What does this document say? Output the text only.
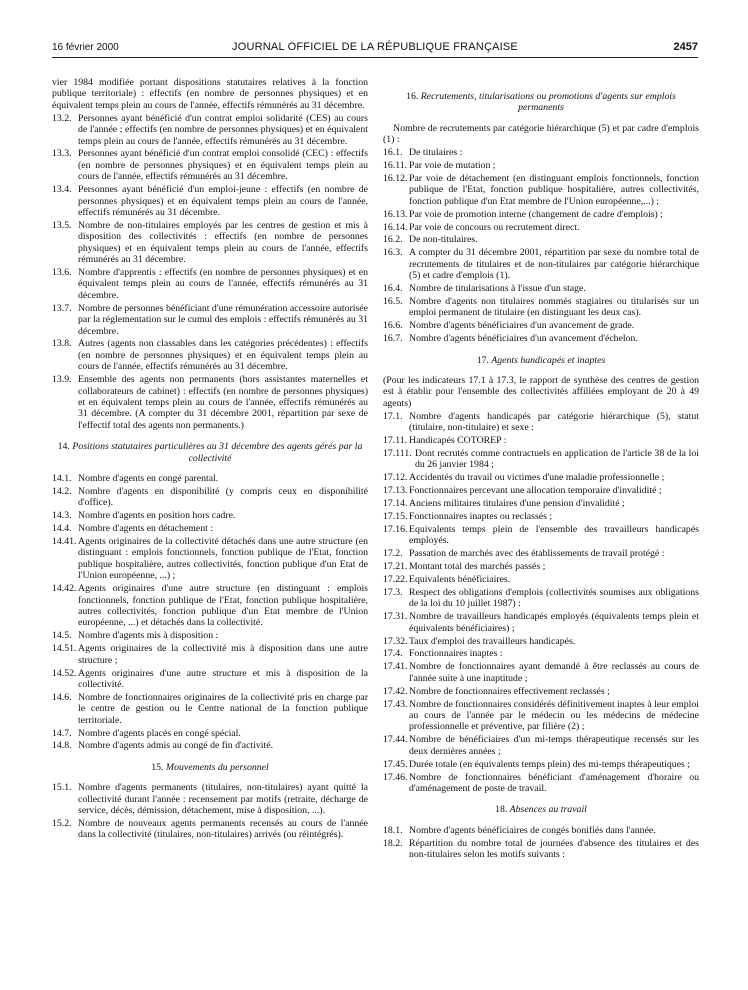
16 février 2000	JOURNAL OFFICIEL DE LA RÉPUBLIQUE FRANÇAISE	2457

vier 1984 modifiée portant dispositions statutaires relatives à la fonction publique territoriale) : effectifs (en nombre de personnes physiques) et en équivalent temps plein au cours de l'année, effectifs rémunérés au 31 décembre.

13.2. Personnes ayant bénéficié d'un contrat emploi solidarité (CES) au cours de l'année ; effectifs (en nombre de personnes physiques) et en équivalent temps plein au cours de l'année, effectifs rémunérés au 31 décembre.
13.3. Personnes ayant bénéficié d'un contrat emploi consolidé (CEC) : effectifs (en nombre de personnes physiques) et en équivalent temps plein au cours de l'année, effectifs rémunérés au 31 décembre.
13.4. Personnes ayant bénéficié d'un emploi-jeune : effectifs (en nombre de personnes physiques) et en équivalent temps plein au cours de l'année, effectifs rémunérés au 31 décembre.
13.5. Nombre de non-titulaires employés par les centres de gestion et mis à disposition des collectivités : effectifs (en nombre de personnes physiques) et en équivalent temps plein au cours de l'année, effectifs rémunérés au 31 décembre.
13.6. Nombre d'apprentis : effectifs (en nombre de personnes physiques) et en équivalent temps plein au cours de l'année, effectifs rémunérés au 31 décembre.
13.7. Nombre de personnes bénéficiant d'une rémunération accessoire autorisée par la réglementation sur le cumul des emplois : effectifs rémunérés au 31 décembre.
13.8. Autres (agents non classables dans les catégories précédentes) : effectifs (en nombre de personnes physiques) et en équivalent temps plein au cours de l'année, effectifs rémunérés au 31 décembre.
13.9. Ensemble des agents non permanents (hors assistantes maternelles et collaborateurs de cabinet) : effectifs (en nombre de personnes physiques) et en équivalent temps plein au cours de l'année, effectifs rémunérés au 31 décembre. (A compter du 31 décembre 2001, répartition par sexe de l'effectif total des agents non permanents.)
14. Positions statutaires particulières au 31 décembre des agents gérés par la collectivité
14.1. Nombre d'agents en congé parental.
14.2. Nombre d'agents en disponibilité (y compris ceux en disponibilité d'office).
14.3. Nombre d'agents en position hors cadre.
14.4. Nombre d'agents en détachement :
14.41. Agents originaires de la collectivité détachés dans une autre structure (en distinguant : emplois fonctionnels, fonction publique de l'Etat, fonction publique hospitalière, autres collectivités, fonction publique d'un Etat de l'Union européenne, ...) ;
14.42. Agents originaires d'une autre structure (en distinguant : emplois fonctionnels, fonction publique de l'Etat, fonction publique hospitalière, autres collectivités, fonction publique d'un Etat membre de l'Union européenne, ...) et détachés dans la collectivité.
14.5. Nombre d'agents mis à disposition :
14.51. Agents originaires de la collectivité mis à disposition dans une autre structure ;
14.52. Agents originaires d'une autre structure et mis à disposition de la collectivité.
14.6. Nombre de fonctionnaires originaires de la collectivité pris en charge par le centre de gestion ou le Centre national de la fonction publique territoriale.
14.7. Nombre d'agents placés en congé spécial.
14.8. Nombre d'agents admis au congé de fin d'activité.
15. Mouvements du personnel
15.1. Nombre d'agents permanents (titulaires, non-titulaires) ayant quitté la collectivité durant l'année : recensement par motifs (retraite, décharge de service, décès, démission, détachement, mise à disposition, ...).
15.2. Nombre de nouveaux agents permanents recensés au cours de l'année dans la collectivité (titulaires, non-titulaires) arrivés (ou réintégrés).
16. Recrutements, titularisations ou promotions d'agents sur emplois permanents

Nombre de recrutements par catégorie hiérarchique (5) et par cadre d'emplois (1) :

16.1. De titulaires :
16.11. Par voie de mutation ;
16.12. Par voie de détachement (en distinguant emplois fonctionnels, fonction publique de l'Etat, fonction publique hospitalière, autres collectivités, fonction publique d'un Etat membre de l'Union européenne,...) ;
16.13. Par voie de promotion interne (changement de cadre d'emplois) ;
16.14. Par voie de concours ou recrutement direct.
16.2. De non-titulaires.
16.3. A compter du 31 décembre 2001, répartition par sexe du nombre total de recrutements de titulaires et de non-titulaires par catégorie hiérarchique (5) et cadre d'emplois (1).
16.4. Nombre de titularisations à l'issue d'un stage.
16.5. Nombre d'agents non titulaires nommés stagiaires ou titularisés sur un emploi permanent de titulaire (en distinguant les deux cas).
16.6. Nombre d'agents bénéficiaires d'un avancement de grade.
16.7. Nombre d'agents bénéficiaires d'un avancement d'échelon.
17. Agents handicapés et inaptes

(Pour les indicateurs 17.1 à 17.3, le rapport de synthèse des centres de gestion est à établir pour l'ensemble des collectivités affiliées employant de 20 à 49 agents)

17.1. Nombre d'agents handicapés par catégorie hiérarchique (5), statut (titulaire, non-titulaire) et sexe :
17.11. Handicapés COTOREP :
17.111. Dont recrutés comme contractuels en application de l'article 38 de la loi du 26 janvier 1984 ;
17.12. Accidentés du travail ou victimes d'une maladie professionnelle ;
17.13. Fonctionnaires percevant une allocation temporaire d'invalidité ;
17.14. Anciens militaires titulaires d'une pension d'invalidité ;
17.15. Fonctionnaires inaptes ou reclassés ;
17.16. Equivalents temps plein de l'ensemble des travailleurs handicapés employés.
17.2. Passation de marchés avec des établissements de travail protégé :
17.21. Montant total des marchés passés ;
17.22. Equivalents bénéficiaires.
17.3. Respect des obligations d'emplois (collectivités soumises aux obligations de la loi du 10 juillet 1987) :
17.31. Nombre de travailleurs handicapés employés (équivalents temps plein et équivalents bénéficiaires) ;
17.32. Taux d'emploi des travailleurs handicapés.
17.4. Fonctionnaires inaptes :
17.41. Nombre de fonctionnaires ayant demandé à être reclassés au cours de l'année suite à une inaptitude ;
17.42. Nombre de fonctionnaires effectivement reclassés ;
17.43. Nombre de fonctionnaires considérés définitivement inaptes à leur emploi au cours de l'année par le médecin ou les médecins de médecine professionnelle et préventive, par filière (2) ;
17.44. Nombre de bénéficiaires d'un mi-temps thérapeutique recensés sur les deux dernières années ;
17.45. Durée totale (en équivalents temps plein) des mi-temps thérapeutiques ;
17.46. Nombre de fonctionnaires bénéficiant d'aménagement d'horaire ou d'aménagement de poste de travail.
18. Absences au travail
18.1. Nombre d'agents bénéficiaires de congés bonifiés dans l'année.
18.2. Répartition du nombre total de journées d'absence des titulaires et des non-titulaires selon les motifs suivants :
